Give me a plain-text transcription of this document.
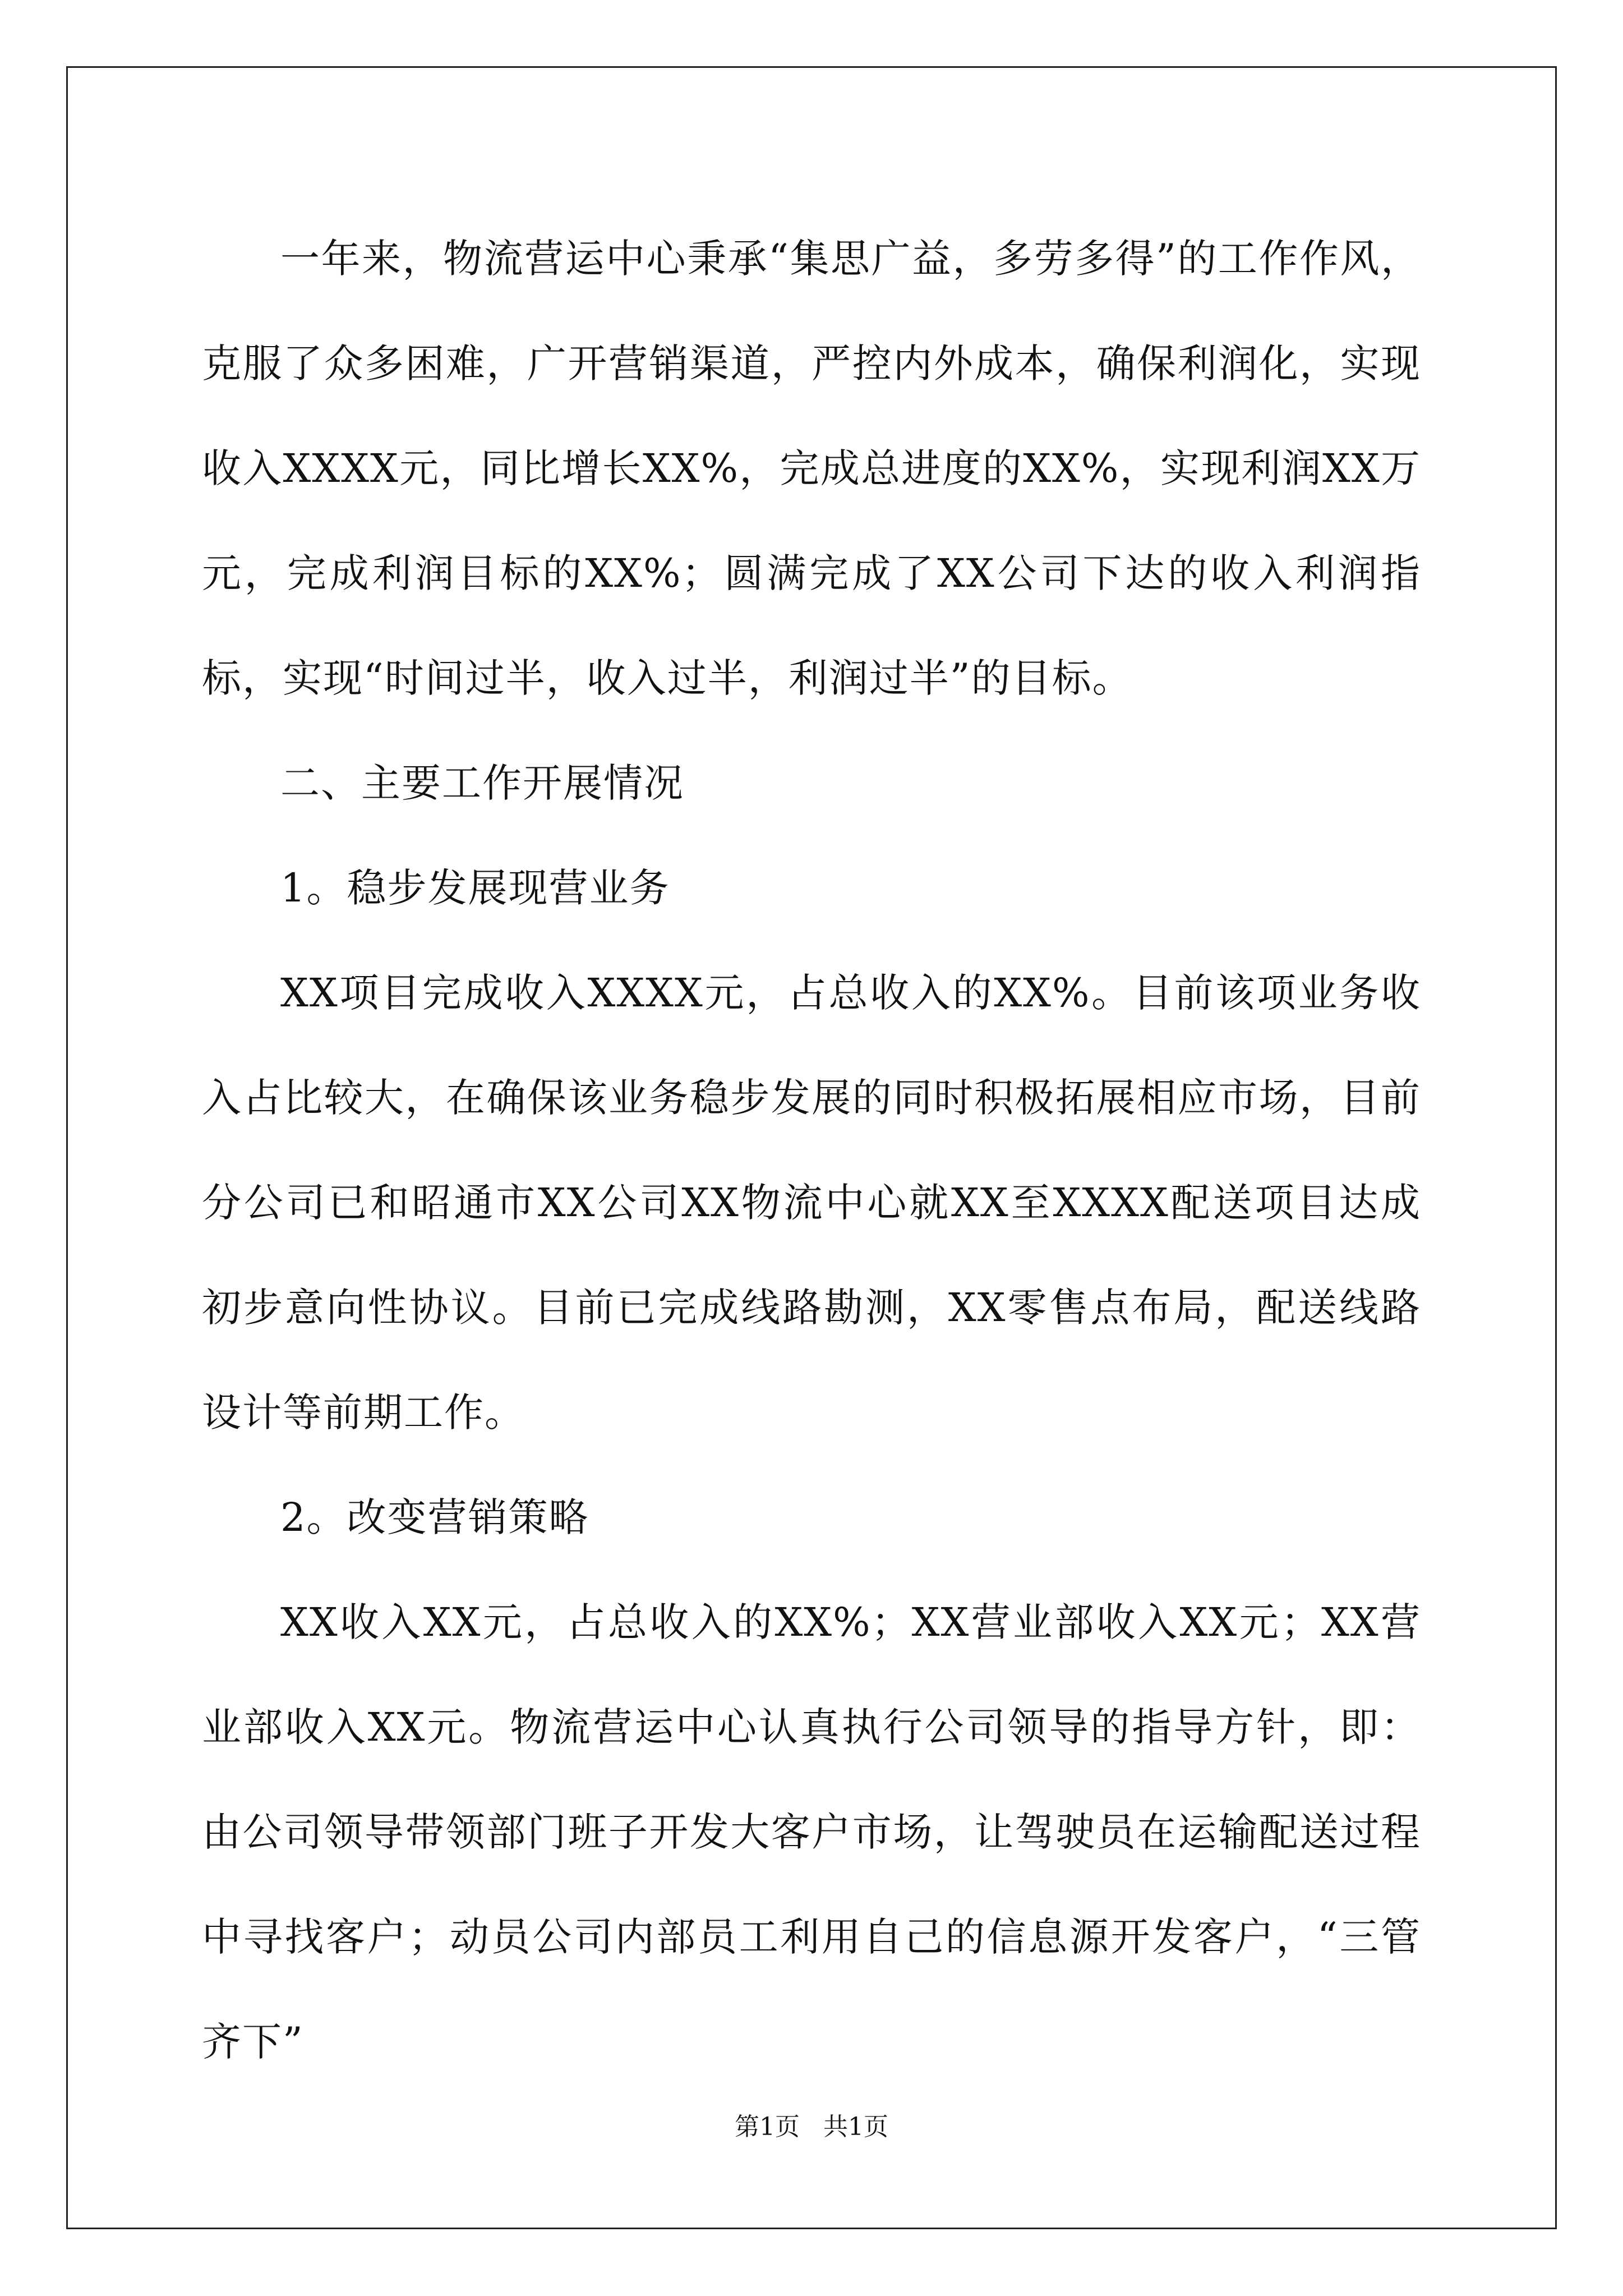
一年来，物流营运中心秉承“集思广益，多劳多得”的工作作风，克服了众多困难，广开营销渠道，严控内外成本，确保利润化，实现收入XXXX元，同比增长XX%，完成总进度的XX%，实现利润XX万元，完成利润目标的XX%；圆满完成了XX公司下达的收入利润指标，实现“时间过半，收入过半，利润过半”的目标。

二、主要工作开展情况

1。稳步发展现营业务

XX项目完成收入XXXX元，占总收入的XX%。目前该项业务收入占比较大，在确保该业务稳步发展的同时积极拓展相应市场，目前分公司已和昭通市XX公司XX物流中心就XX至XXXX配送项目达成初步意向性协议。目前已完成线路勘测，XX零售点布局，配送线路设计等前期工作。

2。改变营销策略

XX收入XX元，占总收入的XX%；XX营业部收入XX元；XX营业部收入XX元。物流营运中心认真执行公司领导的指导方针，即：由公司领导带领部门班子开发大客户市场，让驾驶员在运输配送过程中寻找客户；动员公司内部员工利用自己的信息源开发客户，“三管齐下”

第1页 共1页
